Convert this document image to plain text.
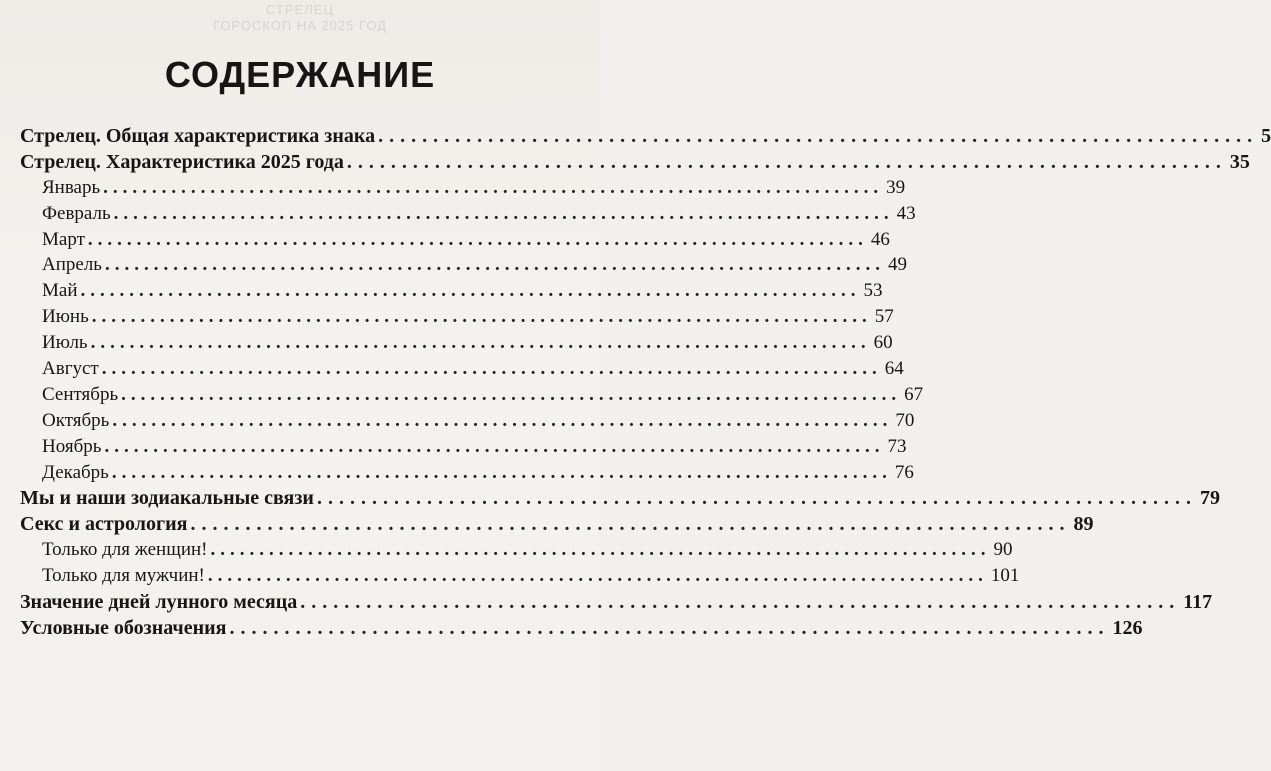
СТРЕЛЕЦ
ГОРОСКОП НА 2025 ГОД
СОДЕРЖАНИЕ
Стрелец. Общая характеристика знака ................................................................................ 5
Стрелец. Характеристика 2025 года ................................................................................ 35
Январь ................................................................................ 39
Февраль ................................................................................ 43
Март ................................................................................ 46
Апрель ................................................................................ 49
Май ................................................................................ 53
Июнь ................................................................................ 57
Июль ................................................................................ 60
Август ................................................................................ 64
Сентябрь ................................................................................ 67
Октябрь ................................................................................ 70
Ноябрь ................................................................................ 73
Декабрь ................................................................................ 76
Мы и наши зодиакальные связи ................................................................................ 79
Секс и астрология ................................................................................ 89
Только для женщин! ................................................................................ 90
Только для мужчин! ................................................................................ 101
Значение дней лунного месяца ................................................................................ 117
Условные обозначения ................................................................................ 126
